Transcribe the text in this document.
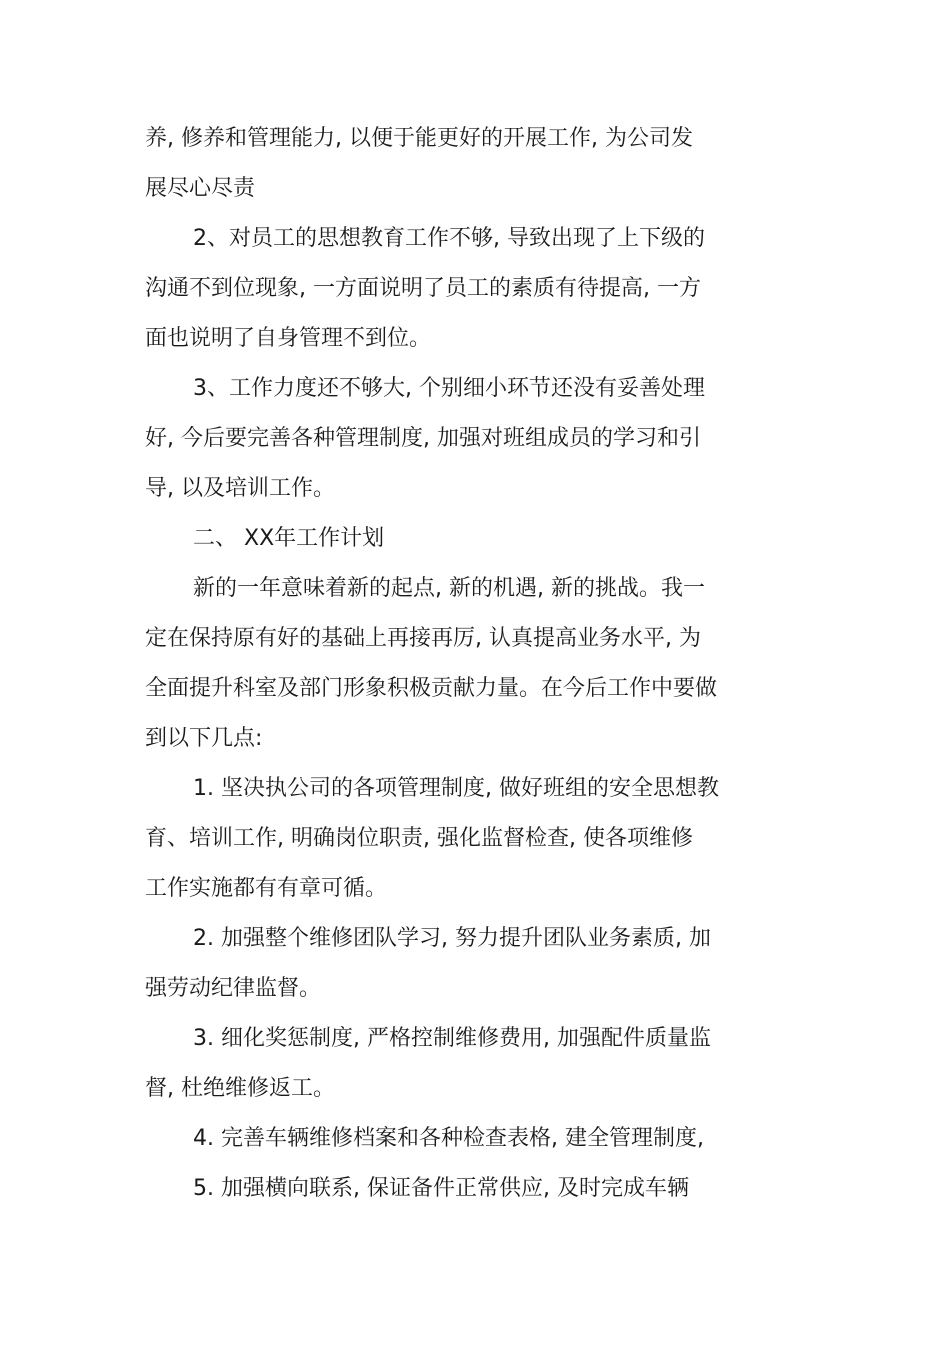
养, 修养和管理能力, 以便于能更好的开展工作, 为公司发
展尽心尽责

2、对员工的思想教育工作不够, 导致出现了上下级的
沟通不到位现象, 一方面说明了员工的素质有待提高, 一方
面也说明了自身管理不到位。

3、工作力度还不够大, 个别细小环节还没有妥善处理
好, 今后要完善各种管理制度, 加强对班组成员的学习和引
导, 以及培训工作。

二、 XX年工作计划

新的一年意味着新的起点, 新的机遇, 新的挑战。我一
定在保持原有好的基础上再接再厉, 认真提高业务水平, 为
全面提升科室及部门形象积极贡献力量。在今后工作中要做
到以下几点:

1. 坚决执公司的各项管理制度, 做好班组的安全思想教
育、培训工作, 明确岗位职责, 强化监督检查, 使各项维修
工作实施都有有章可循。

2. 加强整个维修团队学习, 努力提升团队业务素质, 加
强劳动纪律监督。

3. 细化奖惩制度, 严格控制维修费用, 加强配件质量监
督, 杜绝维修返工。

4. 完善车辆维修档案和各种检查表格, 建全管理制度,

5. 加强横向联系, 保证备件正常供应, 及时完成车辆
